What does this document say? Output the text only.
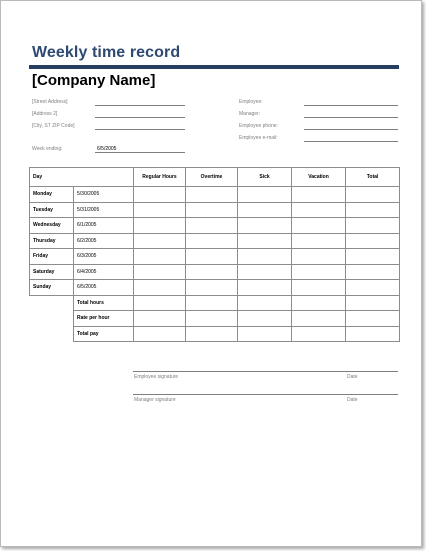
Weekly time record
[Company Name]
[Street Address]
[Address 2]
[City, ST ZIP Code]
Week ending:	6/5/2005
Employee:
Manager:
Employee phone:
Employee e-mail:
Day		Regular Hours	Overtime	Sick	Vacation	Total
Monday	5/30/2005					
Tuesday	5/31/2005					
Wednesday	6/1/2005					
Thursday	6/2/2005					
Friday	6/3/2005					
Saturday	6/4/2005					
Sunday	6/5/2005					
	Total hours					
	Rate per hour					
	Total pay					
Employee signature	Date
Manager signature	Date
